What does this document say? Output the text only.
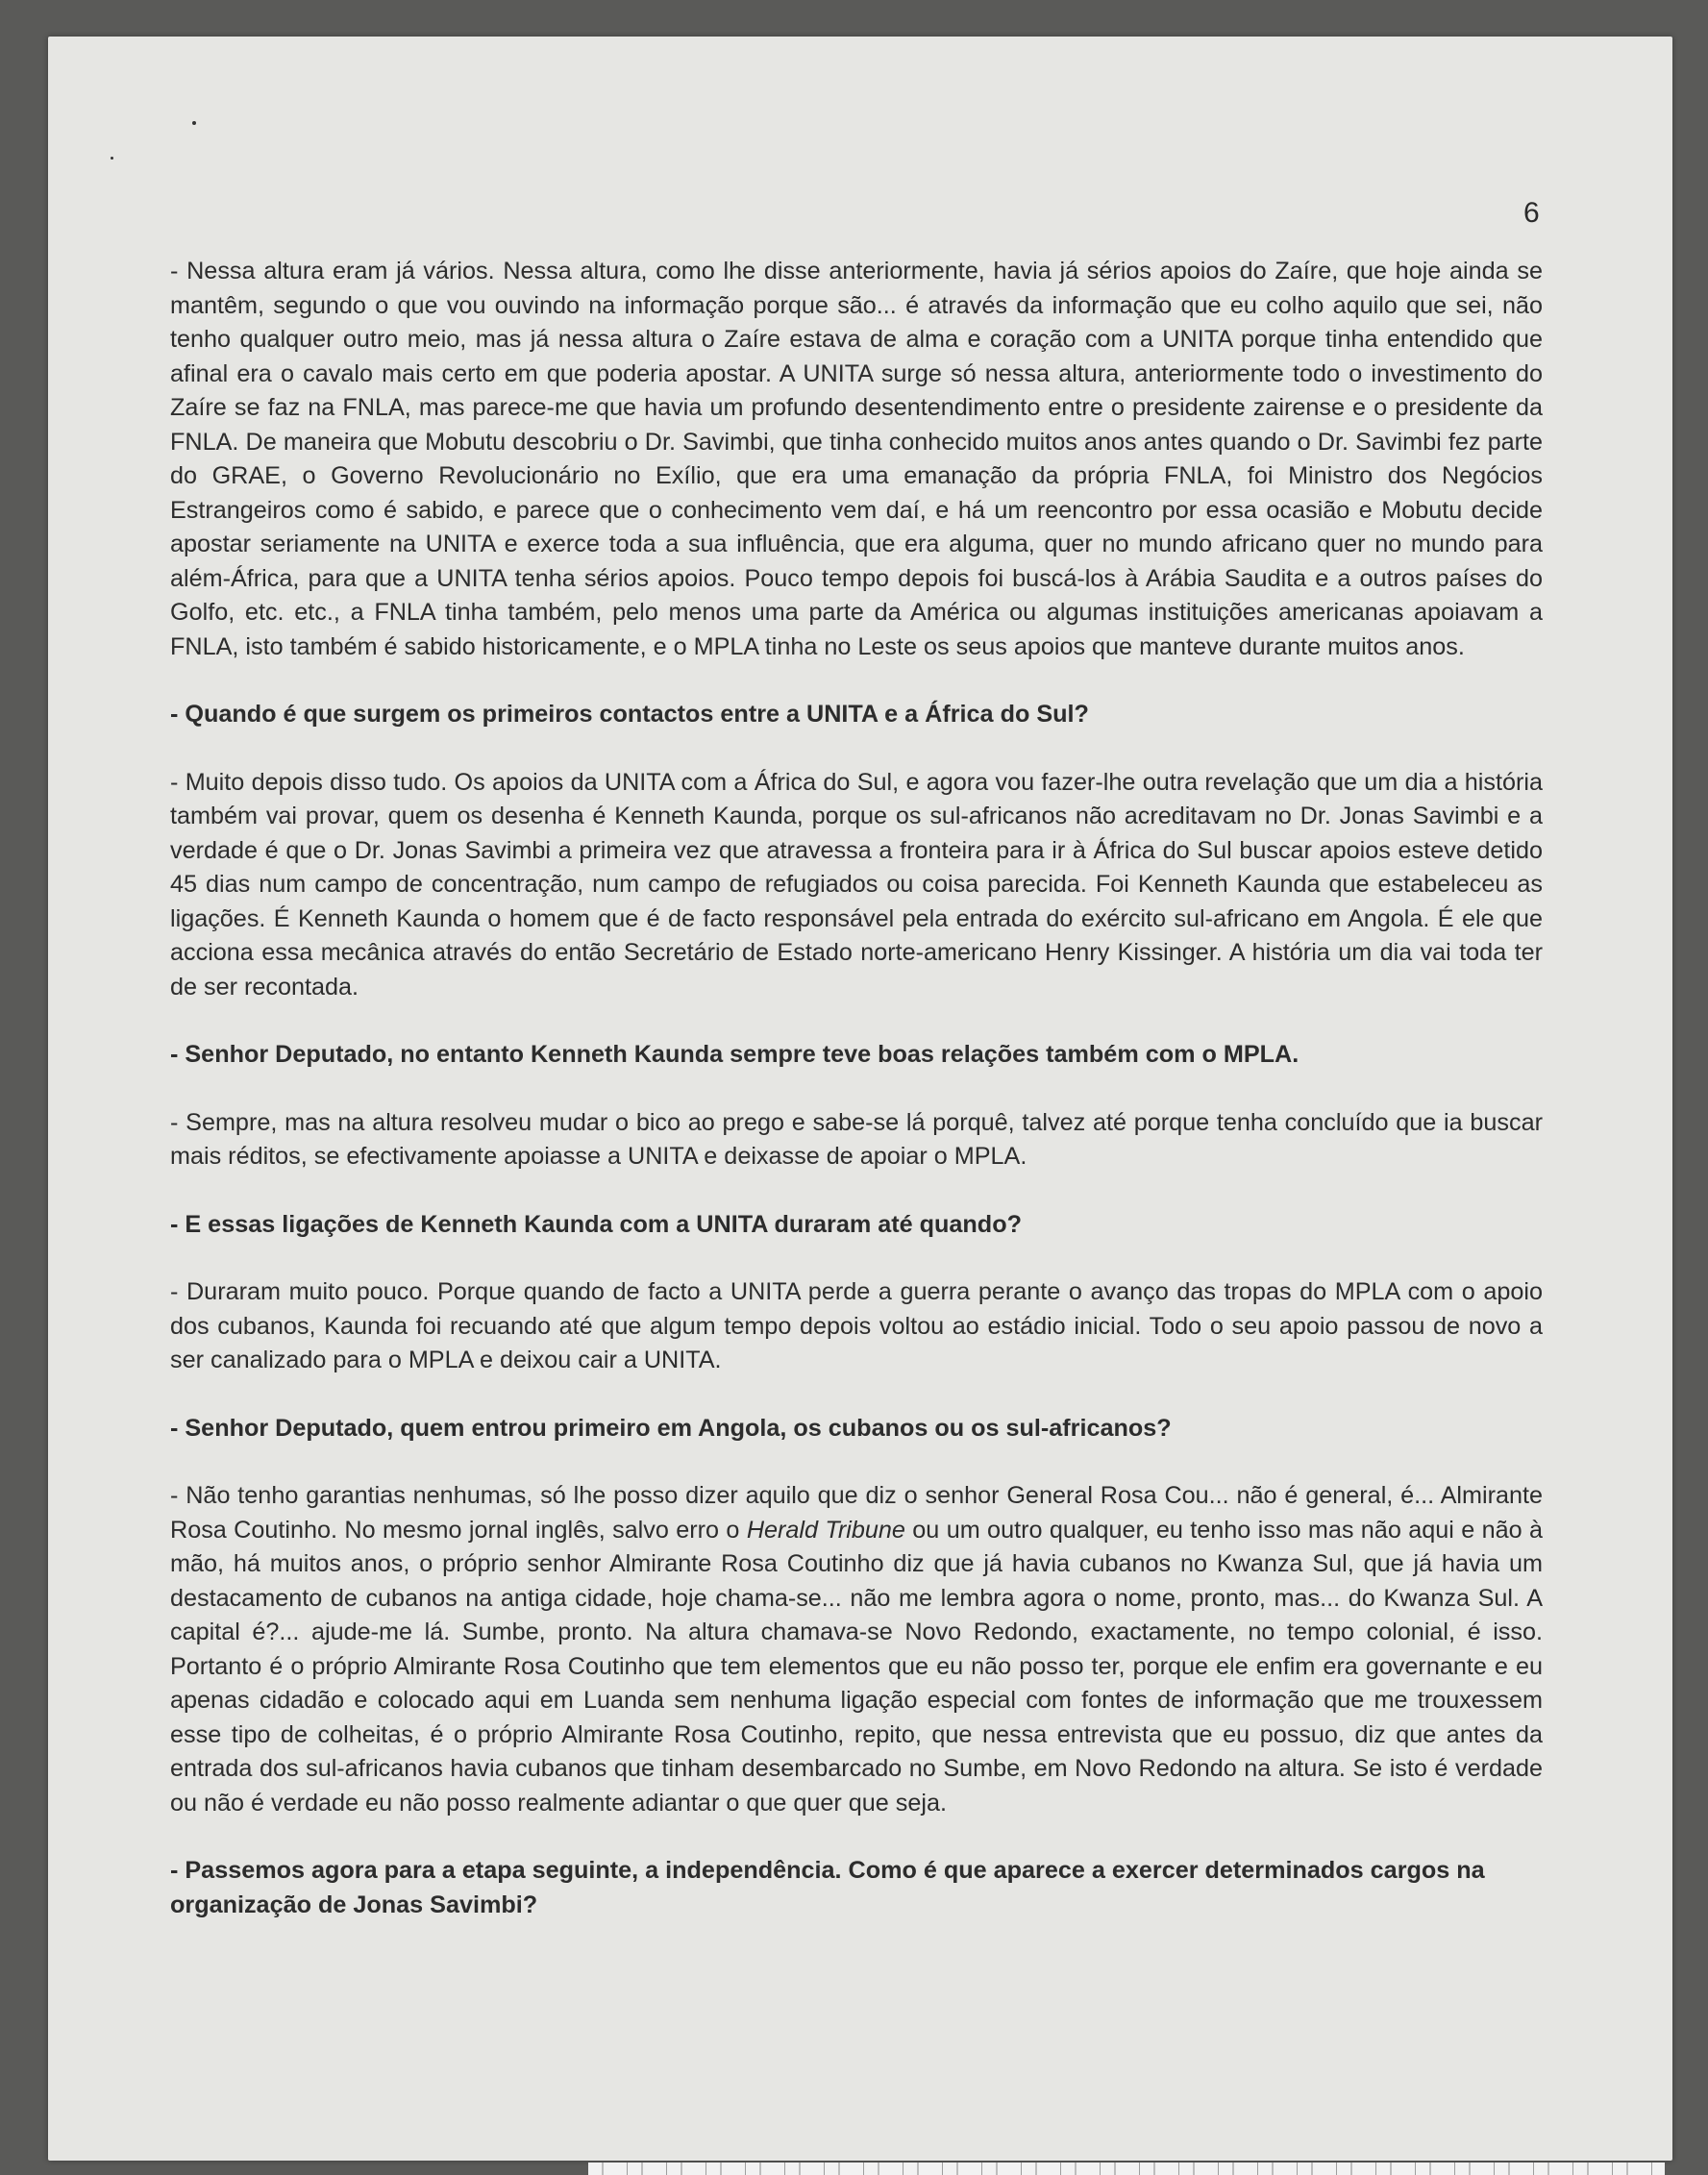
6

- Nessa altura eram já vários. Nessa altura, como lhe disse anteriormente, havia já sérios apoios do Zaíre, que hoje ainda se mantêm, segundo o que vou ouvindo na informação porque são... é através da informação que eu colho aquilo que sei, não tenho qualquer outro meio, mas já nessa altura o Zaíre estava de alma e coração com a UNITA porque tinha entendido que afinal era o cavalo mais certo em que poderia apostar. A UNITA surge só nessa altura, anteriormente todo o investimento do Zaíre se faz na FNLA, mas parece-me que havia um profundo desentendimento entre o presidente zairense e o presidente da FNLA. De maneira que Mobutu descobriu o Dr. Savimbi, que tinha conhecido muitos anos antes quando o Dr. Savimbi fez parte do GRAE, o Governo Revolucionário no Exílio, que era uma emanação da própria FNLA, foi Ministro dos Negócios Estrangeiros como é sabido, e parece que o conhecimento vem daí, e há um reencontro por essa ocasião e Mobutu decide apostar seriamente na UNITA e exerce toda a sua influência, que era alguma, quer no mundo africano quer no mundo para além-África, para que a UNITA tenha sérios apoios. Pouco tempo depois foi buscá-los à Arábia Saudita e a outros países do Golfo, etc. etc., a FNLA tinha também, pelo menos uma parte da América ou algumas instituições americanas apoiavam a FNLA, isto também é sabido historicamente, e o MPLA tinha no Leste os seus apoios que manteve durante muitos anos.

- Quando é que surgem os primeiros contactos entre a UNITA e a África do Sul?

- Muito depois disso tudo. Os apoios da UNITA com a África do Sul, e agora vou fazer-lhe outra revelação que um dia a história também vai provar, quem os desenha é Kenneth Kaunda, porque os sul-africanos não acreditavam no Dr. Jonas Savimbi e a verdade é que o Dr. Jonas Savimbi a primeira vez que atravessa a fronteira para ir à África do Sul buscar apoios esteve detido 45 dias num campo de concentração, num campo de refugiados ou coisa parecida. Foi Kenneth Kaunda que estabeleceu as ligações. É Kenneth Kaunda o homem que é de facto responsável pela entrada do exército sul-africano em Angola. É ele que acciona essa mecânica através do então Secretário de Estado norte-americano Henry Kissinger. A história um dia vai toda ter de ser recontada.

- Senhor Deputado, no entanto Kenneth Kaunda sempre teve boas relações também com o MPLA.

- Sempre, mas na altura resolveu mudar o bico ao prego e sabe-se lá porquê, talvez até porque tenha concluído que ia buscar mais réditos, se efectivamente apoiasse a UNITA e deixasse de apoiar o MPLA.

- E essas ligações de Kenneth Kaunda com a UNITA duraram até quando?

- Duraram muito pouco. Porque quando de facto a UNITA perde a guerra perante o avanço das tropas do MPLA com o apoio dos cubanos, Kaunda foi recuando até que algum tempo depois voltou ao estádio inicial. Todo o seu apoio passou de novo a ser canalizado para o MPLA e deixou cair a UNITA.

- Senhor Deputado, quem entrou primeiro em Angola, os cubanos ou os sul-africanos?

- Não tenho garantias nenhumas, só lhe posso dizer aquilo que diz o senhor General Rosa Cou... não é general, é... Almirante Rosa Coutinho. No mesmo jornal inglês, salvo erro o Herald Tribune ou um outro qualquer, eu tenho isso mas não aqui e não à mão, há muitos anos, o próprio senhor Almirante Rosa Coutinho diz que já havia cubanos no Kwanza Sul, que já havia um destacamento de cubanos na antiga cidade, hoje chama-se... não me lembra agora o nome, pronto, mas... do Kwanza Sul. A capital é?... ajude-me lá. Sumbe, pronto. Na altura chamava-se Novo Redondo, exactamente, no tempo colonial, é isso. Portanto é o próprio Almirante Rosa Coutinho que tem elementos que eu não posso ter, porque ele enfim era governante e eu apenas cidadão e colocado aqui em Luanda sem nenhuma ligação especial com fontes de informação que me trouxessem esse tipo de colheitas, é o próprio Almirante Rosa Coutinho, repito, que nessa entrevista que eu possuo, diz que antes da entrada dos sul-africanos havia cubanos que tinham desembarcado no Sumbe, em Novo Redondo na altura. Se isto é verdade ou não é verdade eu não posso realmente adiantar o que quer que seja.

- Passemos agora para a etapa seguinte, a independência. Como é que aparece a exercer determinados cargos na organização de Jonas Savimbi?
